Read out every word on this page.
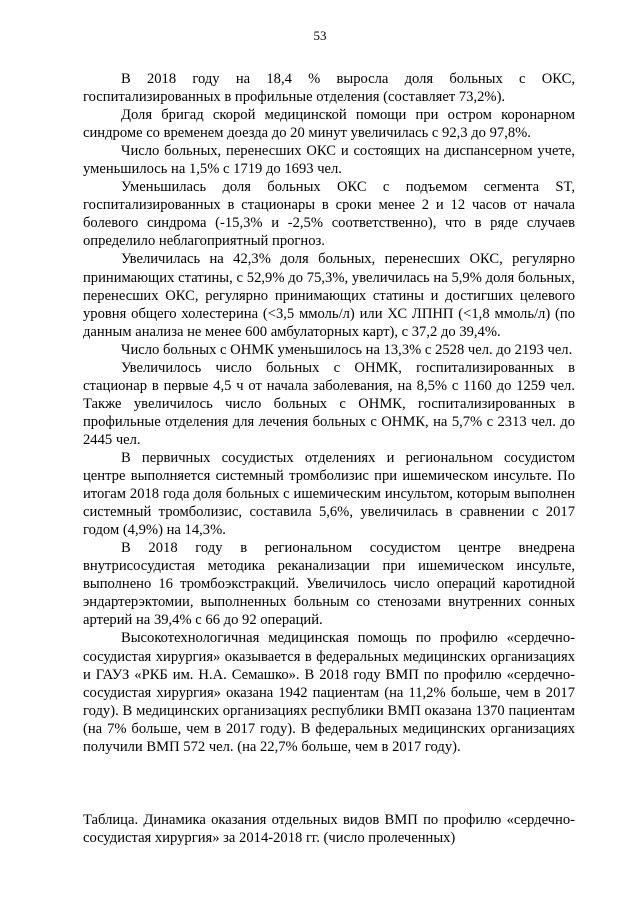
53

В 2018 году на 18,4 % выросла доля больных с ОКС, госпитализированных в профильные отделения (составляет 73,2%).

Доля бригад скорой медицинской помощи при остром коронарном синдроме со временем доезда до 20 минут увеличилась с 92,3 до 97,8%.

Число больных, перенесших ОКС и состоящих на диспансерном учете, уменьшилось на 1,5% с 1719 до 1693 чел.

Уменьшилась доля больных ОКС с подъемом сегмента ST, госпитализированных в стационары в сроки менее 2 и 12 часов от начала болевого синдрома (-15,3% и -2,5% соответственно), что в ряде случаев определило неблагоприятный прогноз.

Увеличилась на 42,3% доля больных, перенесших ОКС, регулярно принимающих статины, с 52,9% до 75,3%, увеличилась на 5,9% доля больных, перенесших ОКС, регулярно принимающих статины и достигших целевого уровня общего холестерина (<3,5 ммоль/л) или ХС ЛПНП (<1,8 ммоль/л) (по данным анализа не менее 600 амбулаторных карт), с 37,2 до 39,4%.

Число больных с ОНМК уменьшилось на 13,3% с 2528 чел. до 2193 чел.

Увеличилось число больных с ОНМК, госпитализированных в стационар в первые 4,5 ч от начала заболевания, на 8,5% с 1160 до 1259 чел. Также увеличилось число больных с ОНМК, госпитализированных в профильные отделения для лечения больных с ОНМК, на 5,7% с 2313 чел. до 2445 чел.

В первичных сосудистых отделениях и региональном сосудистом центре выполняется системный тромболизис при ишемическом инсульте. По итогам 2018 года доля больных с ишемическим инсультом, которым выполнен системный тромболизис, составила 5,6%, увеличилась в сравнении с 2017 годом (4,9%) на 14,3%.

В 2018 году в региональном сосудистом центре внедрена внутрисосудистая методика реканализации при ишемическом инсульте, выполнено 16 тромбоэкстракций. Увеличилось число операций каротидной эндартерэктомии, выполненных больным со стенозами внутренних сонных артерий на 39,4% с 66 до 92 операций.

Высокотехнологичная медицинская помощь по профилю «сердечно-сосудистая хирургия» оказывается в федеральных медицинских организациях и ГАУЗ «РКБ им. Н.А. Семашко». В 2018 году ВМП по профилю «сердечно-сосудистая хирургия» оказана 1942 пациентам (на 11,2% больше, чем в 2017 году). В медицинских организациях республики ВМП оказана 1370 пациентам (на 7% больше, чем в 2017 году). В федеральных медицинских организациях получили ВМП 572 чел. (на 22,7% больше, чем в 2017 году).

Таблица. Динамика оказания отдельных видов ВМП по профилю «сердечно-сосудистая хирургия» за 2014-2018 гг. (число пролеченных)
